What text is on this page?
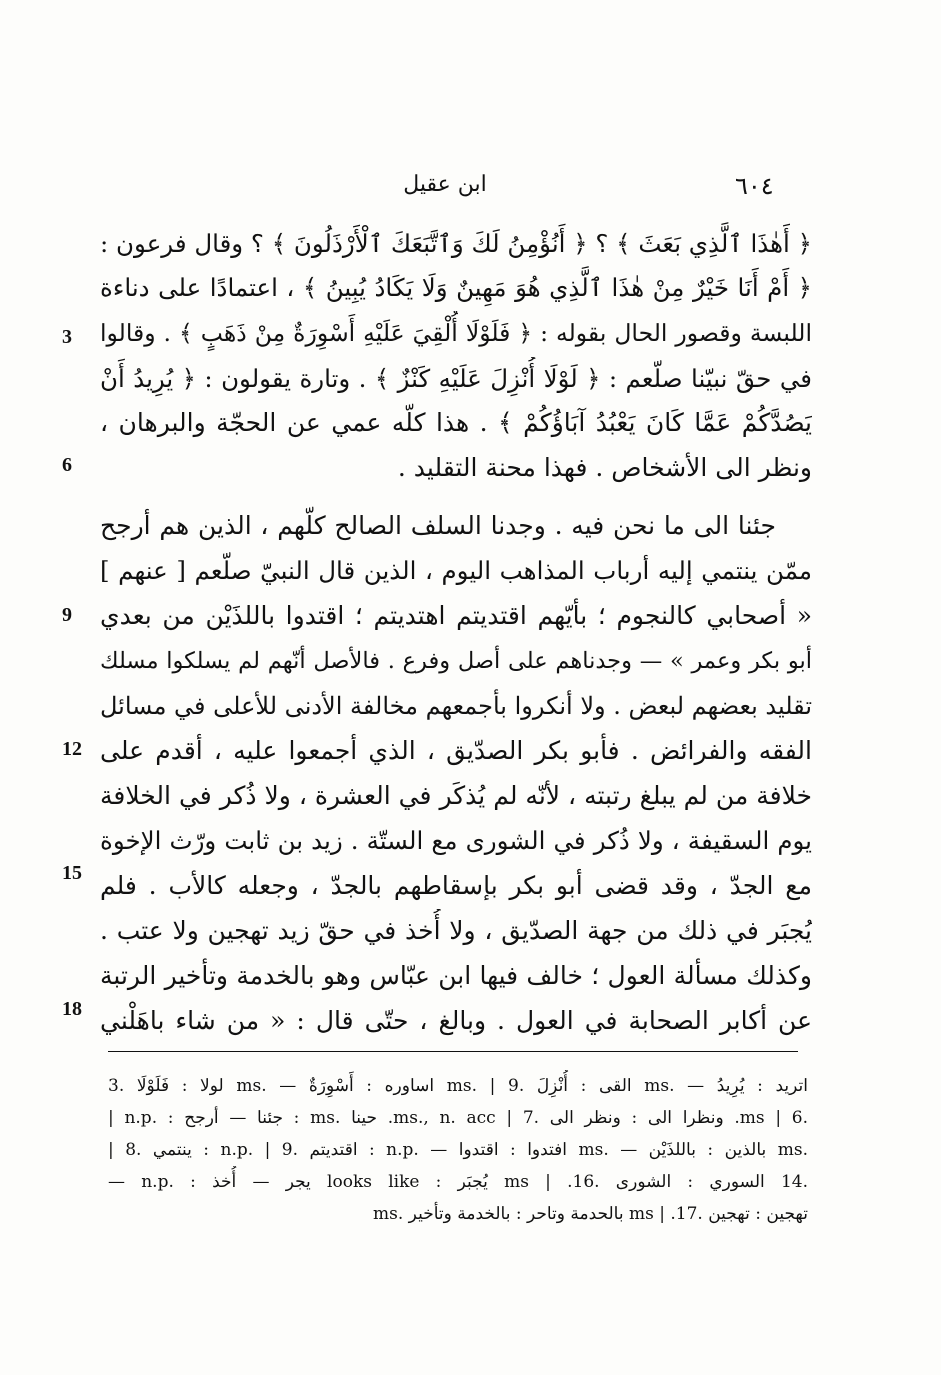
٦٠٤
ابن عقيل
﴿ أَهٰذَا ٱلَّذِي بَعَثَ ﴾ ؟ ﴿ أَنُؤْمِنُ لَكَ وَٱتَّبَعَكَ ٱلْأَرْذَلُونَ ﴾ ؟ وقال فرعون :
﴿ أَمْ أَنَا خَيْرٌ مِنْ هٰذَا ٱلَّذِي هُوَ مَهِينٌ وَلَا يَكَادُ يُبِينُ ﴾ ، اعتمادًا على دناءة
اللبسة وقصور الحال بقوله : ﴿ فَلَوْلَا أُلْقِيَ عَلَيْهِ أَسْوِرَةٌ مِنْ ذَهَبٍ ﴾ . وقالوا
في حقّ نبيّنا صلّعم : ﴿ لَوْلَا أُنْزِلَ عَلَيْهِ كَنْزٌ ﴾ . وتارة يقولون : ﴿ يُرِيدُ أَنْ
يَصُدَّكُمْ عَمَّا كَانَ يَعْبُدُ آبَاؤُكُمْ ﴾ . هذا كلّه عمي عن الحجّة والبرهان ،
ونظر الى الأشخاص . فهذا محنة التقليد .
جئنا الى ما نحن فيه . وجدنا السلف الصالح كلّهم ، الذين هم أرجح
ممّن ينتمي إليه أرباب المذاهب اليوم ، الذين قال النبيّ صلّعم [ عنهم ]
« أصحابي كالنجوم ؛ بأيّهم اقتديتم اهتديتم ؛ اقتدوا باللذَيْن من بعدي
أبو بكر وعمر » — وجدناهم على أصل وفرع . فالأصل أنّهم لم يسلكوا مسلك
تقليد بعضهم لبعض . ولا أنكروا بأجمعهم مخالفة الأدنى للأعلى في مسائل
الفقه والفرائض . فأبو بكر الصدّيق ، الذي أجمعوا عليه ، أقدم على
خلافة من لم يبلغ رتبته ، لأنّه لم يُذكَر في العشرة ، ولا ذُكر في الخلافة
يوم السقيفة ، ولا ذُكر في الشورى مع الستّة . زيد بن ثابت ورّث الإخوة
مع الجدّ ، وقد قضى أبو بكر بإسقاطهم بالجدّ ، وجعله كالأب . فلم
يُجبَر في ذلك من جهة الصدّيق ، ولا أُخذ في حقّ زيد تهجين ولا عتب .
وكذلك مسألة العول ؛ خالف فيها ابن عبّاس وهو بالخدمة وتأخير الرتبة
عن أكابر الصحابة في العول . وبالغ ، حتّى قال : « من شاء باهَلْني
3
6
9
12
15
18
اتريد : يُرِيدُ — .ms القى : أُنْزِلَ .9 | .ms اساوره : أَسْوِرَةٌ — .ms لولا : فَلَوْلَا .3
.ms | 6. ونظرا الى : ونظر الى .ms., n. acc | 7. حينا .ms : جئنا — أرجح : .n.p |
.ms بالذين : باللذَيْن — .ms افتدوا : اقتدوا — .n.p : اقتديتم .9 | .n.p : ينتمي .8 |
.14 السوري : الشورى .ms | .16 يُجبَر : looks like يجر — أُخذ : .n.p —
تهجين : تهجين .ms | .17 بالحدمة وتاحر : بالخدمة وتأخير .ms
